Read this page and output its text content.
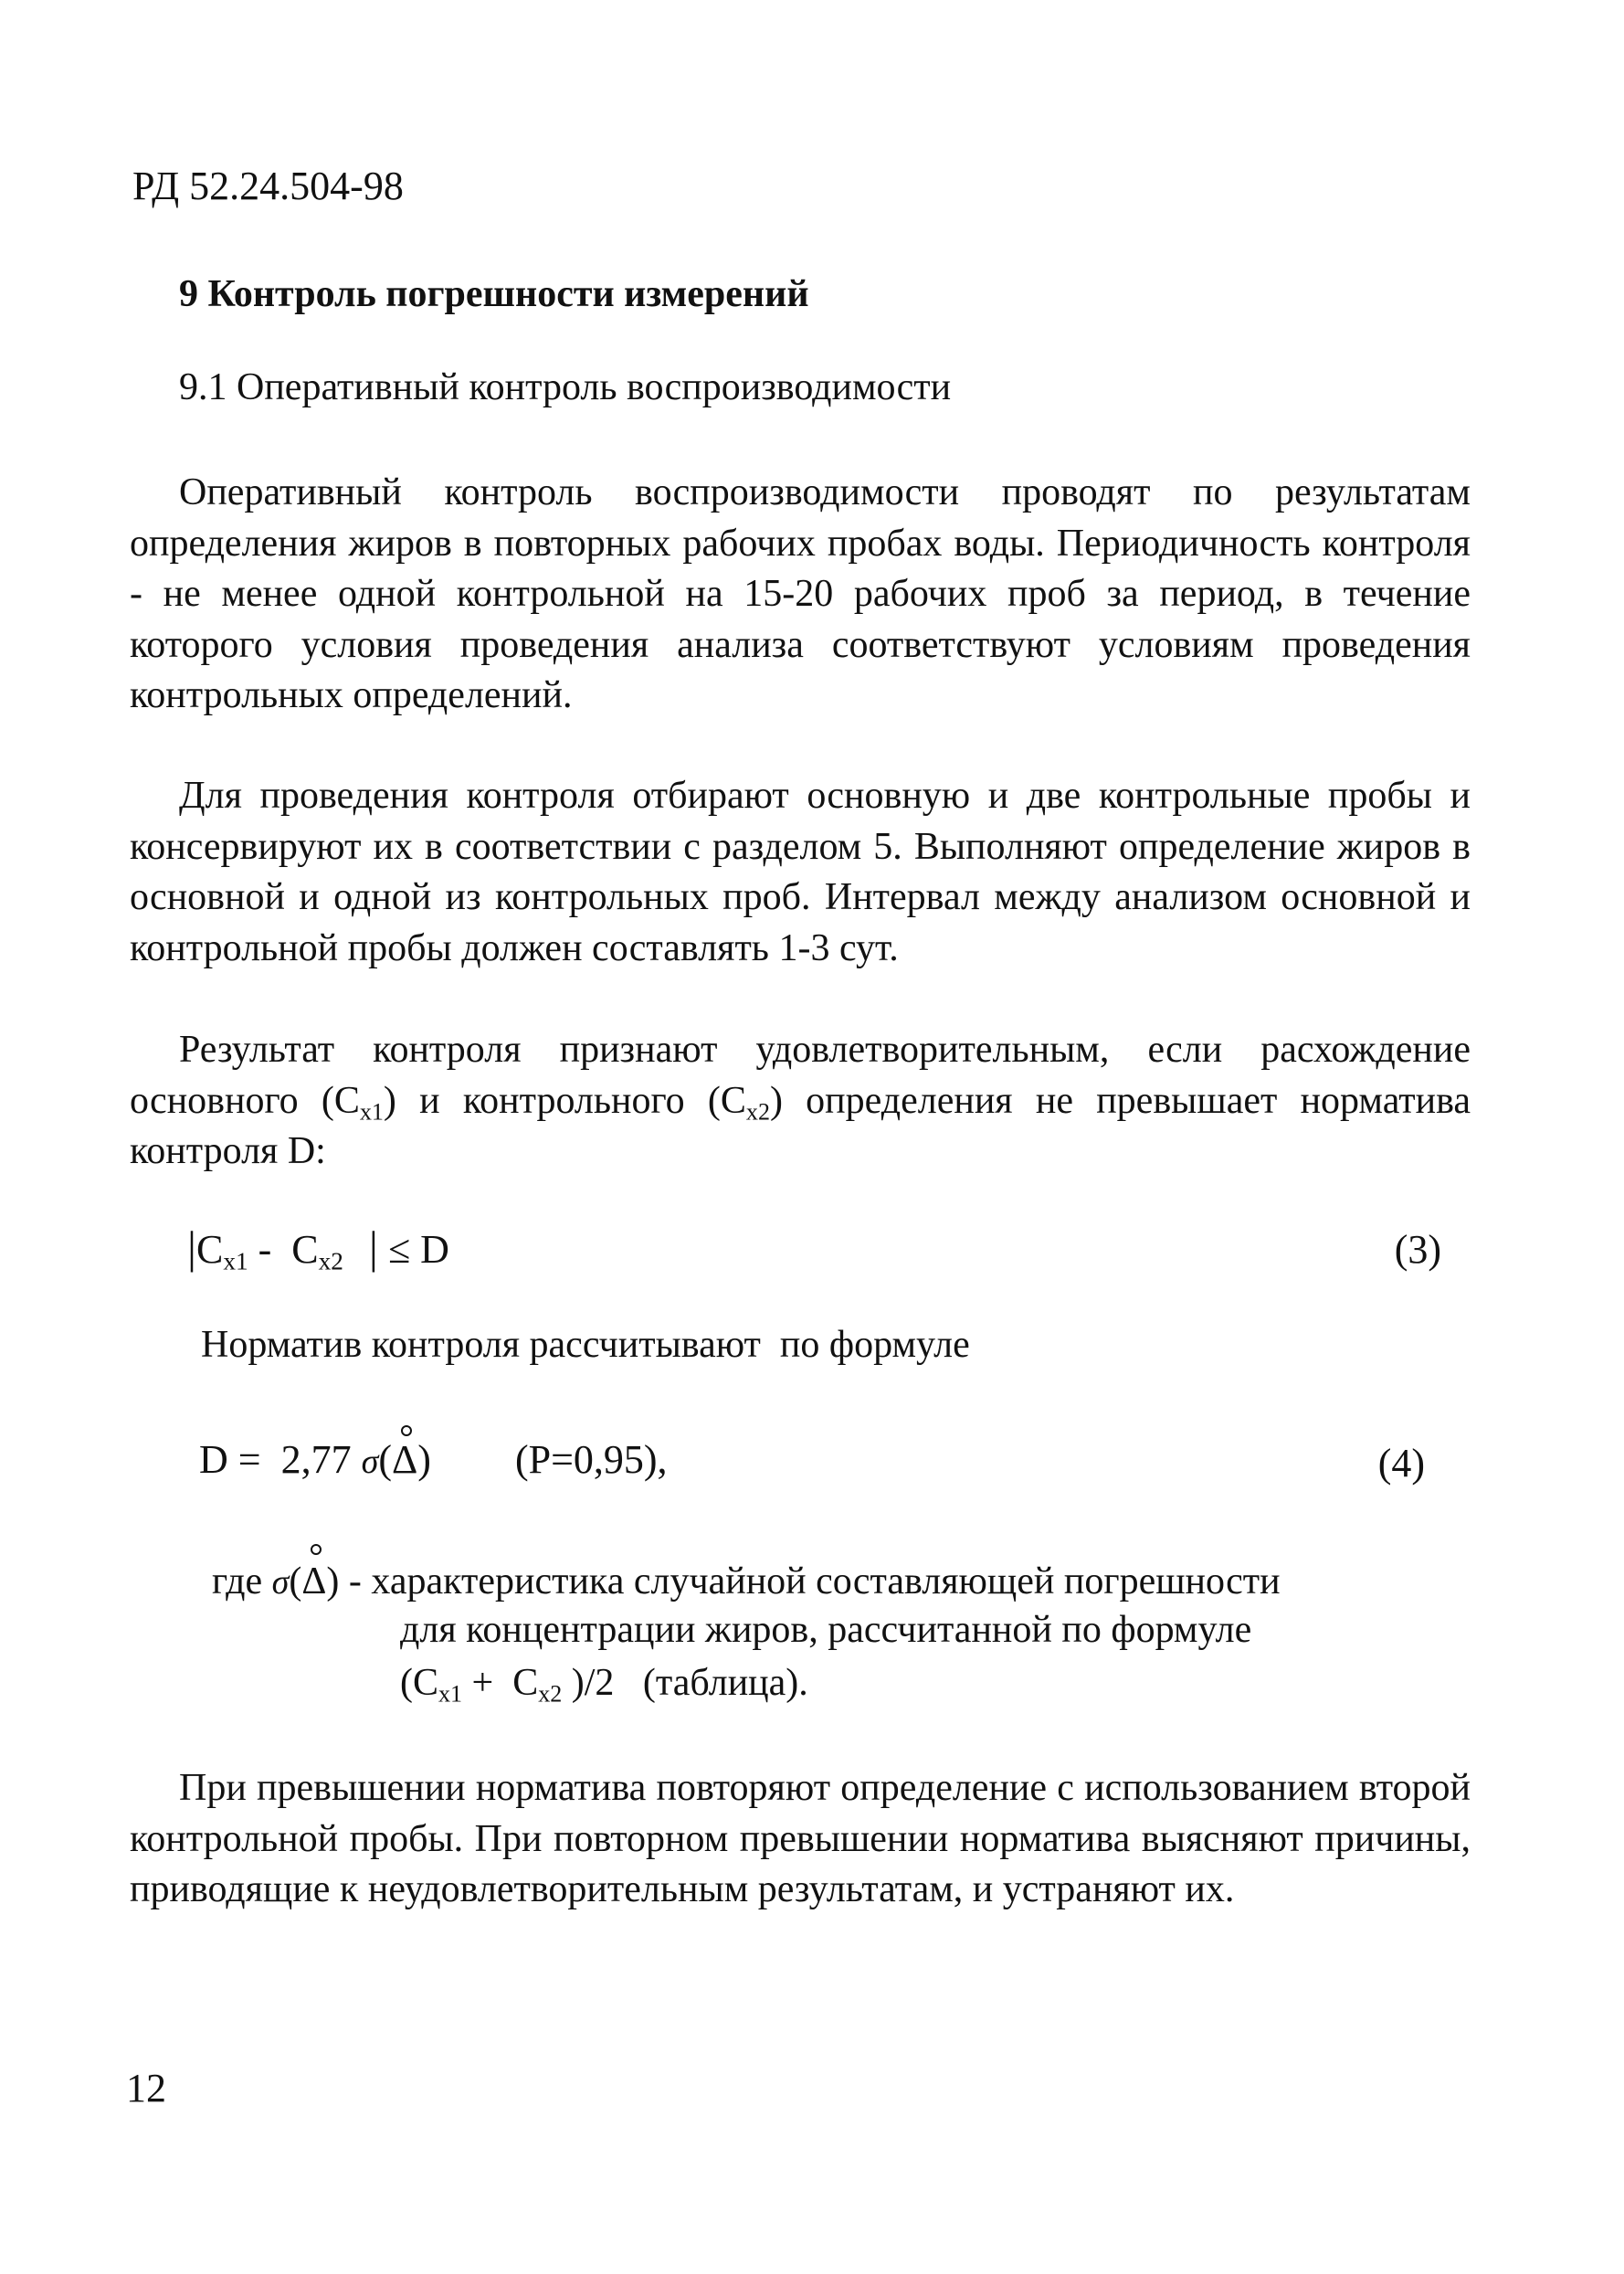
РД 52.24.504-98
9 Контроль погрешности измерений
9.1 Оперативный контроль воспроизводимости
Оперативный контроль воспроизводимости проводят по результатам определения жиров в повторных рабочих пробах воды. Периодичность контроля - не менее одной контрольной на 15-20 рабочих проб за период, в течение которого условия проведения анализа соответствуют условиям проведения контрольных определений.
Для проведения контроля отбирают основную и две контрольные пробы и консервируют их в соответствии с разделом 5. Выполняют определение жиров в основной и одной из контрольных проб. Интервал между анализом основной и контрольной пробы должен составлять 1-3 сут.
Результат контроля признают удовлетворительным, если расхождение основного $(C_{x1})$ и контрольного $(C_{x2})$ определения не превышает норматива контроля D:
$|C_{x1} - C_{x2}$ | ≤ D	(3)
Норматив контроля рассчитывают  по формуле
D =  2,77 σ(Δ) (P=0,95),	(4)
где σ(Δ) - характеристика случайной составляющей погрешности
для концентрации жиров, рассчитанной по формуле
($C_{x1} + C_{x2}$ )/2   (таблица).
При превышении норматива повторяют определение с использованием второй контрольной пробы. При повторном превышении норматива выясняют причины, приводящие к неудовлетворительным результатам, и устраняют их.
12
